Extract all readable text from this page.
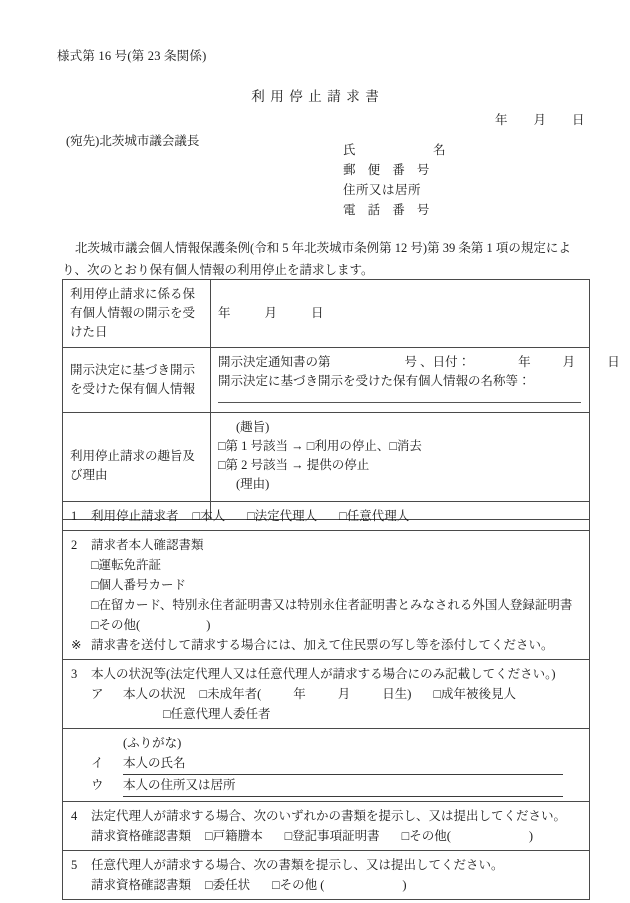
様式第 16 号(第 23 条関係)
利用停止請求書
年 月 日
(宛先)北茨城市議会議長
氏　　　名
郵 便 番 号
住所又は居所
電 話 番 号
北茨城市議会個人情報保護条例(令和 5 年北茨城市条例第 12 号)第 39 条第 1 項の規定により、次のとおり保有個人情報の利用停止を請求します。
利用停止請求に係る保有個人情報の開示を受けた日	年 月 日
開示決定に基づき開示を受けた保有個人情報	開示決定通知書の第 号 、日付： 年 月 日
開示決定に基づき開示を受けた保有個人情報の名称等：

利用停止請求の趣旨及び理由	(趣旨)
□第 1 号該当 → □利用の停止、□消去
□第 2 号該当 → 提供の停止
(理由)
1 利用停止請求者 □本人 □法定代理人 □任意代理人

2 請求者本人確認書類
□運転免許証
□個人番号カード
□在留カード、特別永住者証明書又は特別永住者証明書とみなされる外国人登録証明書
□その他(	)
※ 請求書を送付して請求する場合には、加えて住民票の写し等を添付してください。

3 本人の状況等(法定代理人又は任意代理人が請求する場合にのみ記載してください。)
ア 本人の状況 □未成年者(	年	月	日生) □成年被後見人
□任意代理人委任者

(ふりがな)
イ 本人の氏名
ウ 本人の住所又は居所

4 法定代理人が請求する場合、次のいずれかの書類を提示し、又は提出してください。
請求資格確認書類 □戸籍謄本 □登記事項証明書 □その他(	)

5 任意代理人が請求する場合、次の書類を提示し、又は提出してください。
請求資格確認書類 □委任状 □その他 (	)
